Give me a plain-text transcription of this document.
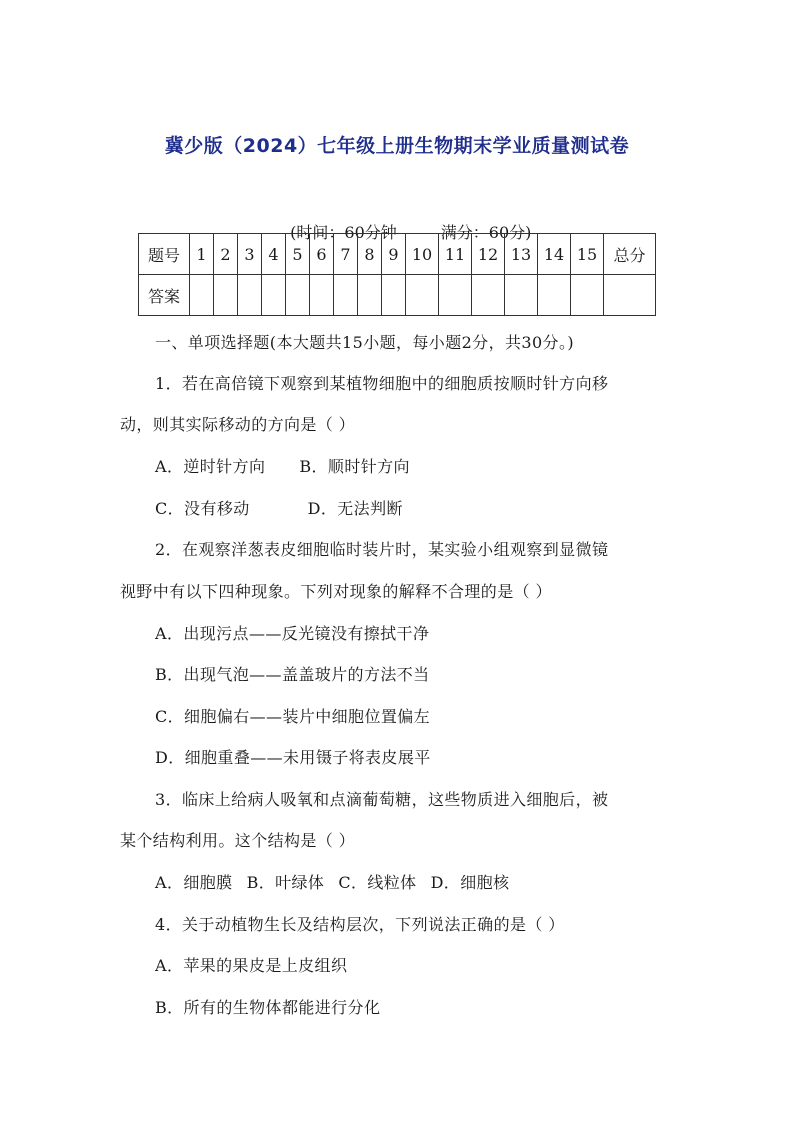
冀少版（2024）七年级上册生物期末学业质量测试卷

(时间：60分钟	满分：60分)

题号	1	2	3	4	5	6	7	8	9	10	11	12	13	14	15	总分
答案																
一、单项选择题(本大题共15小题，每小题2分，共30分。)
1．若在高倍镜下观察到某植物细胞中的细胞质按顺时针方向移
动，则其实际移动的方向是（ ）
A．逆时针方向 B．顺时针方向
C．没有移动	D．无法判断
2．在观察洋葱表皮细胞临时装片时，某实验小组观察到显微镜
视野中有以下四种现象。下列对现象的解释不合理的是（ ）
A．出现污点——反光镜没有擦拭干净
B．出现气泡——盖盖玻片的方法不当
C．细胞偏右——装片中细胞位置偏左
D．细胞重叠——未用镊子将表皮展平
3．临床上给病人吸氧和点滴葡萄糖，这些物质进入细胞后，被
某个结构利用。这个结构是（ ）
A．细胞膜 B．叶绿体 C．线粒体 D．细胞核
4．关于动植物生长及结构层次，下列说法正确的是（ ）
A．苹果的果皮是上皮组织
B．所有的生物体都能进行分化
